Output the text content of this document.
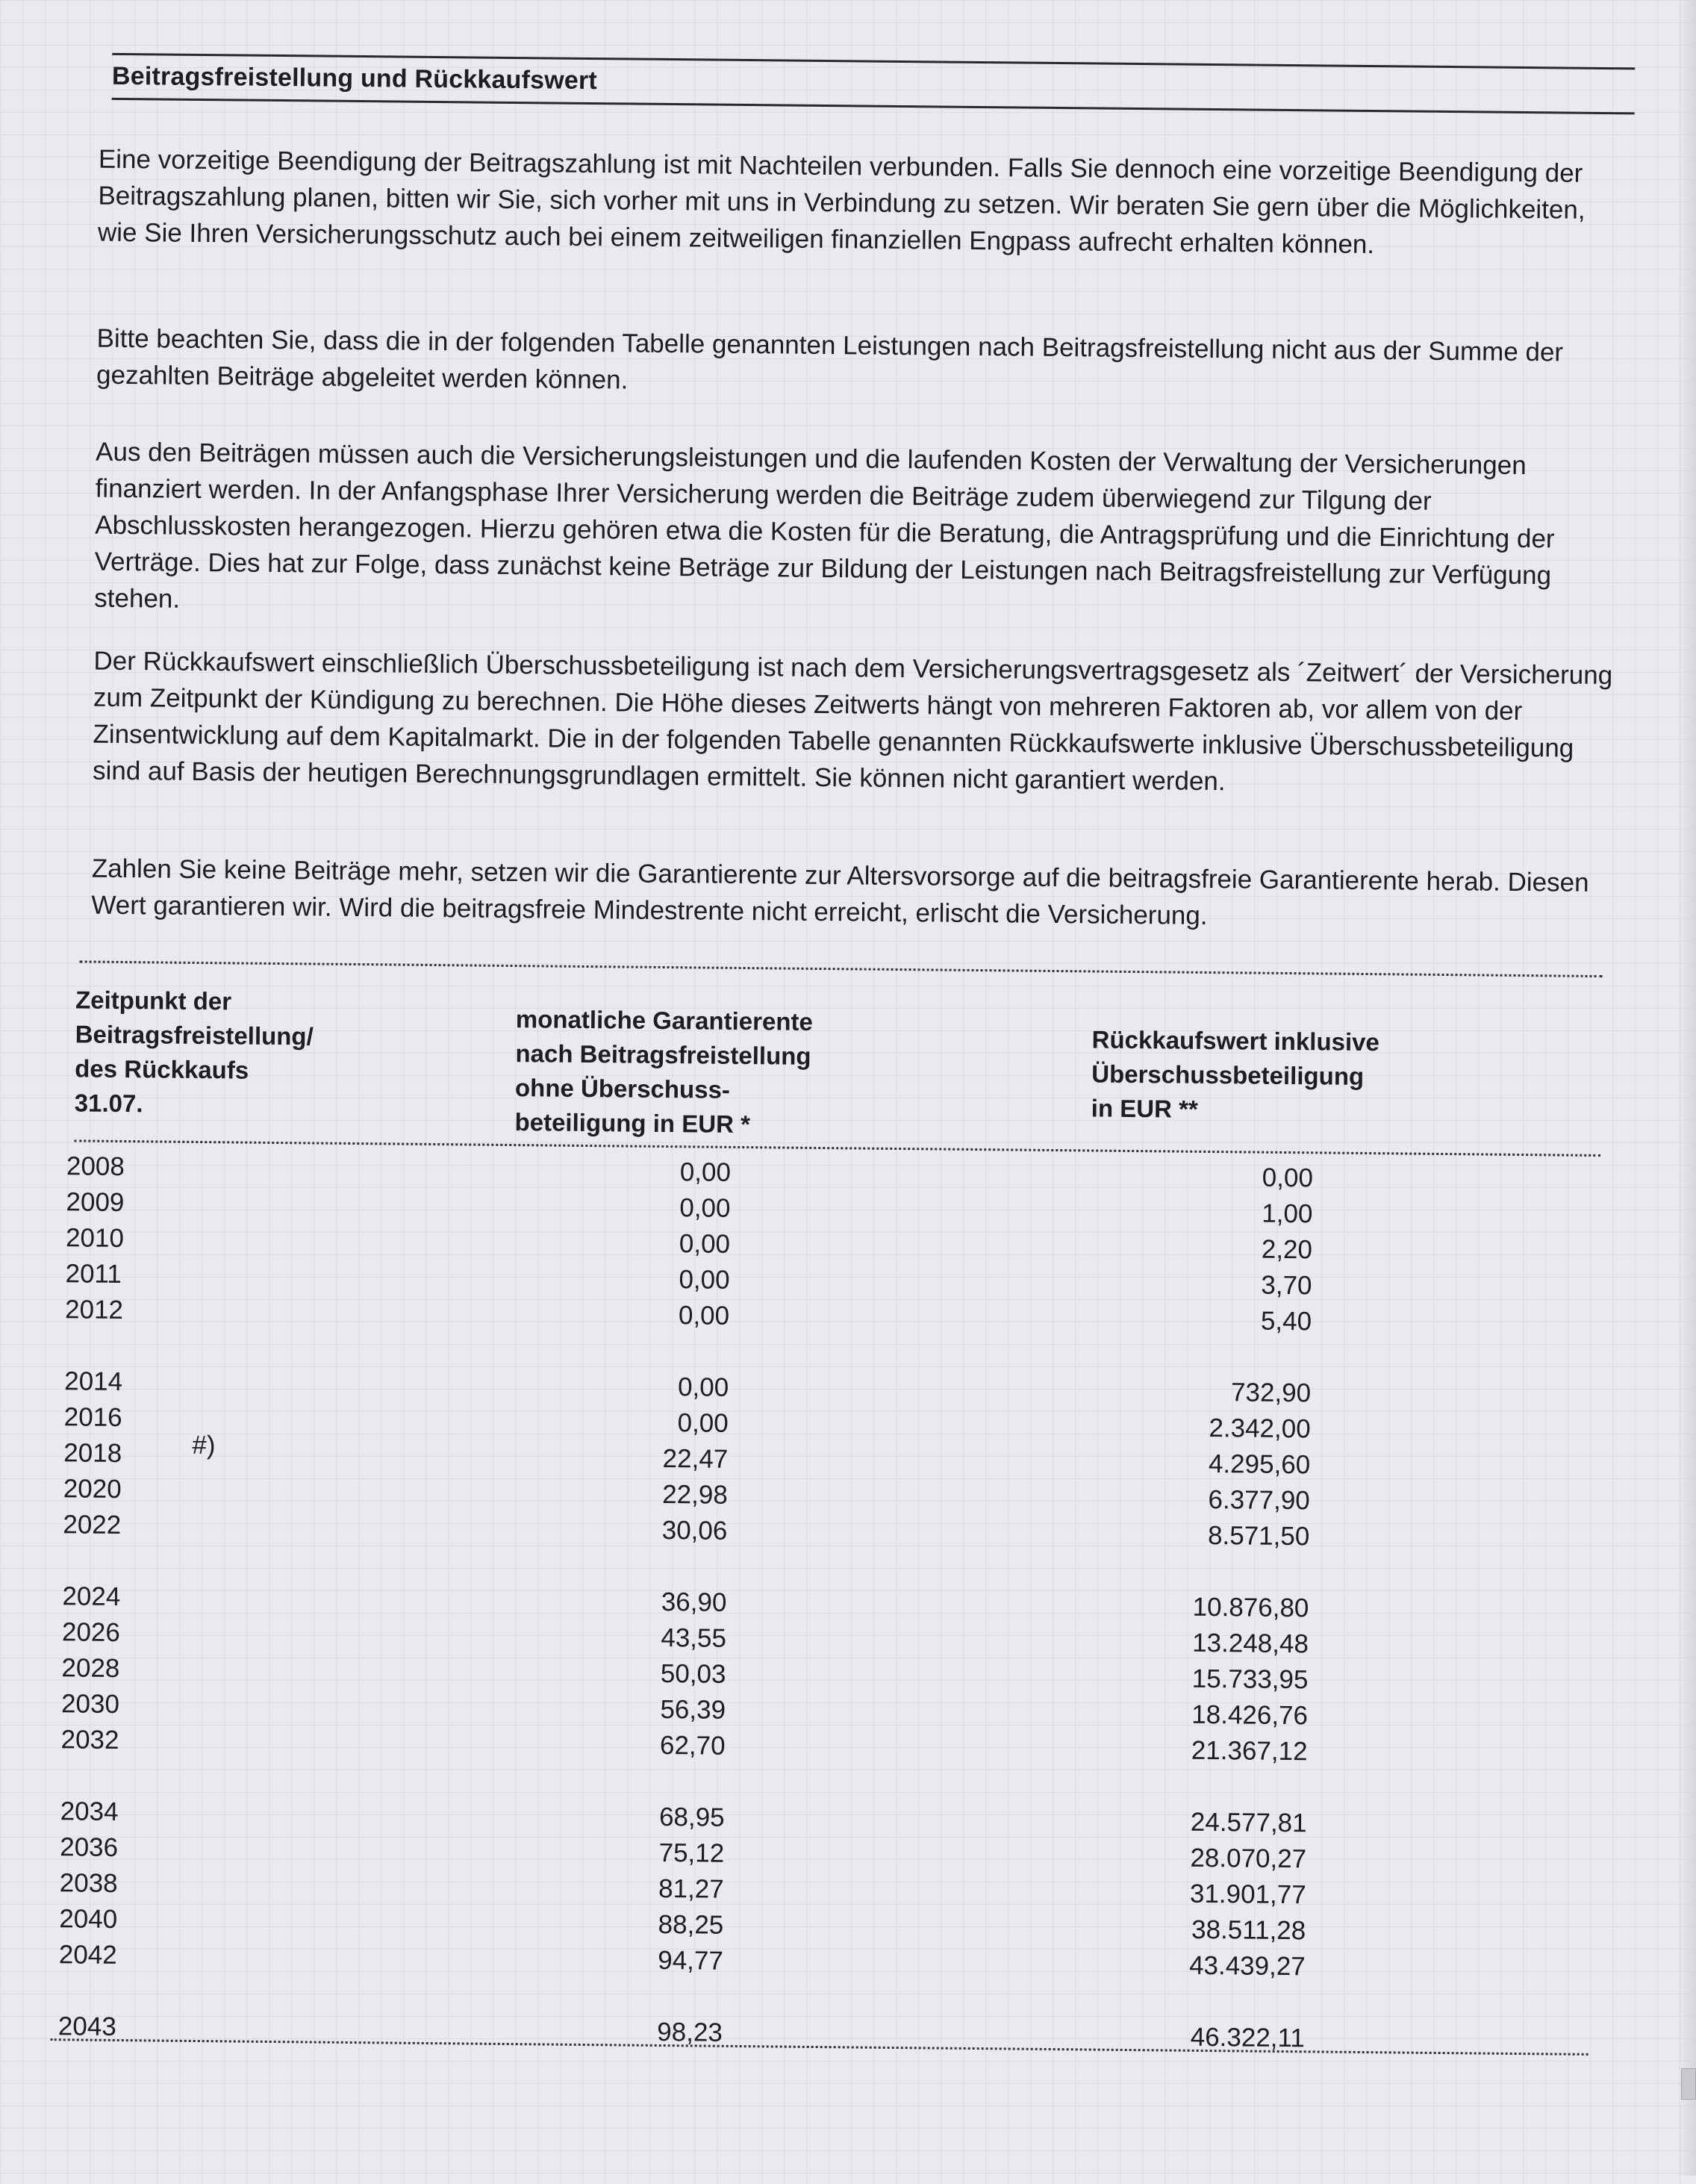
Beitragsfreistellung und Rückkaufswert

Eine vorzeitige Beendigung der Beitragszahlung ist mit Nachteilen verbunden. Falls Sie dennoch eine vorzeitige Beendigung der Beitragszahlung planen, bitten wir Sie, sich vorher mit uns in Verbindung zu setzen. Wir beraten Sie gern über die Möglichkeiten, wie Sie Ihren Versicherungsschutz auch bei einem zeitweiligen finanziellen Engpass aufrecht erhalten können.

Bitte beachten Sie, dass die in der folgenden Tabelle genannten Leistungen nach Beitragsfreistellung nicht aus der Summe der gezahlten Beiträge abgeleitet werden können.

Aus den Beiträgen müssen auch die Versicherungsleistungen und die laufenden Kosten der Verwaltung der Versicherungen finanziert werden. In der Anfangsphase Ihrer Versicherung werden die Beiträge zudem überwiegend zur Tilgung der Abschlusskosten herangezogen. Hierzu gehören etwa die Kosten für die Beratung, die Antragsprüfung und die Einrichtung der Verträge. Dies hat zur Folge, dass zunächst keine Beträge zur Bildung der Leistungen nach Beitragsfreistellung zur Verfügung stehen.

Der Rückkaufswert einschließlich Überschussbeteiligung ist nach dem Versicherungsvertragsgesetz als ´Zeitwert´ der Versicherung zum Zeitpunkt der Kündigung zu berechnen. Die Höhe dieses Zeitwerts hängt von mehreren Faktoren ab, vor allem von der Zinsentwicklung auf dem Kapitalmarkt. Die in der folgenden Tabelle genannten Rückkaufswerte inklusive Überschussbeteiligung sind auf Basis der heutigen Berechnungsgrundlagen ermittelt. Sie können nicht garantiert werden.

Zahlen Sie keine Beiträge mehr, setzen wir die Garantierente zur Altersvorsorge auf die beitragsfreie Garantierente herab. Diesen Wert garantieren wir. Wird die beitragsfreie Mindestrente nicht erreicht, erlischt die Versicherung.

Zeitpunkt der
Beitragsfreistellung/
des Rückkaufs
31.07.
monatliche Garantierente
nach Beitragsfreistellung
ohne Überschuss-
beteiligung in EUR *
Rückkaufswert inklusive
Überschussbeteiligung
in EUR **
2008	0,00	0,00
2009	0,00	1,00
2010	0,00	2,20
2011	0,00	3,70
2012	0,00	5,40
2014	0,00	732,90
2016	0,00	2.342,00
2018	22,47	4.295,60
2020	22,98	6.377,90
2022	30,06	8.571,50
2024	36,90	10.876,80
2026	43,55	13.248,48
2028	50,03	15.733,95
2030	56,39	18.426,76
2032	62,70	21.367,12
2034	68,95	24.577,81
2036	75,12	28.070,27
2038	81,27	31.901,77
2040	88,25	38.511,28
2042	94,77	43.439,27
2043	98,23	46.322,11
#)
